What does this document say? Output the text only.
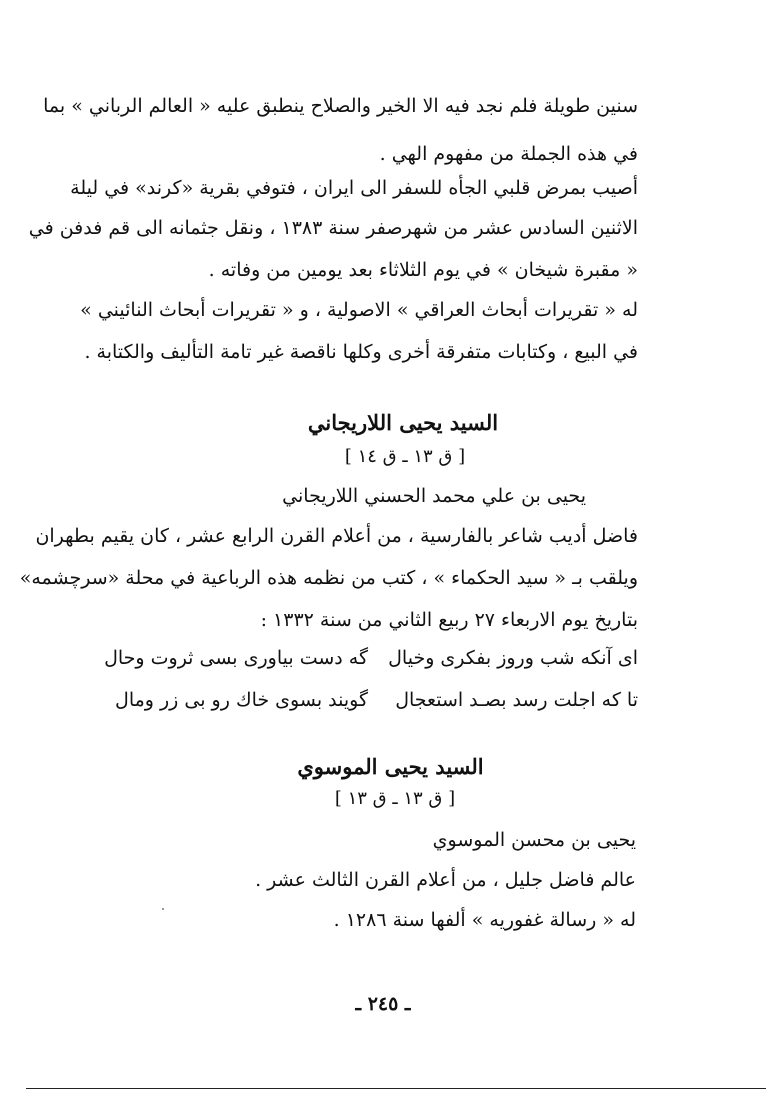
سنين طويلة فلم نجد فيه الا الخير والصلاح ينطبق عليه « العالم الرباني » بما
في هذه الجملة من مفهوم الهي .
أصيب بمرض قلبي الجأه للسفر الى ايران ، فتوفي بقرية «كرند» في ليلة
الاثنين السادس عشر من شهرصفر سنة ١٣٨٣ ، ونقل جثمانه الى قم فدفن في
« مقبرة شيخان » في يوم الثلاثاء بعد يومين من وفاته .
له « تقريرات أبحاث العراقي » الاصولية ، و « تقريرات أبحاث النائيني »
في البيع ، وكتابات متفرقة أخرى وكلها ناقصة غير تامة التأليف والكتابة .
السيد يحيى اللاريجاني
[ ق ١٣ ـ ق ١٤ ]
يحيى بن علي محمد الحسني اللاريجاني
فاضل أديب شاعر بالفارسية ، من أعلام القرن الرابع عشر ، كان يقيم بطهران
ويلقب بـ « سيد الحكماء » ، كتب من نظمه هذه الرباعية في محلة «سرچشمه»
بتاريخ يوم الاربعاء ٢٧ ربيع الثاني من سنة ١٣٣٢ :
اى آنكه شب وروز بفكرى وخيال
گه دست بياورى بسى ثروت وحال
تا كه اجلت رسد بصـد استعجال
گويند بسوى خاك رو بى زر ومال
السيد يحيى الموسوي
[ ق ١٣ ـ ق ١٣ ]
يحيى بن محسن الموسوي
عالم فاضل جليل ، من أعلام القرن الثالث عشر .
له « رسالة غفوريه » ألفها سنة ١٢٨٦ .
ـ ٢٤٥ ـ
